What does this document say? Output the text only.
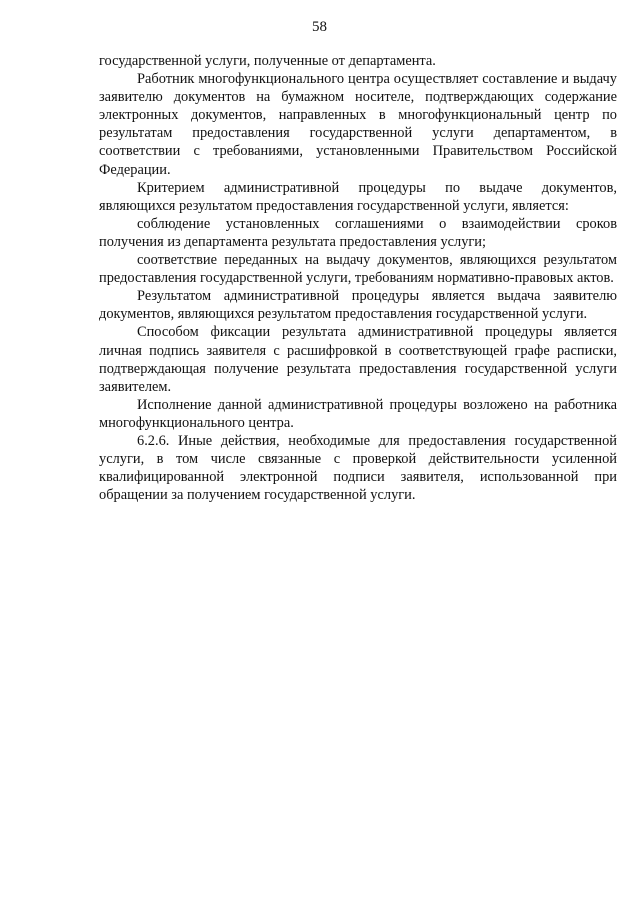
58

государственной услуги, полученные от департамента.

Работник многофункционального центра осуществляет составление и выдачу заявителю документов на бумажном носителе, подтверждающих содержание электронных документов, направленных в многофункциональный центр по результатам предоставления государственной услуги департаментом, в соответствии с требованиями, установленными Правительством Российской Федерации.

Критерием административной процедуры по выдаче документов, являющихся результатом предоставления государственной услуги, является:

соблюдение установленных соглашениями о взаимодействии сроков получения из департамента результата предоставления услуги;

соответствие переданных на выдачу документов, являющихся результатом предоставления государственной услуги, требованиям нормативно-правовых актов.

Результатом административной процедуры является выдача заявителю документов, являющихся результатом предоставления государственной услуги.

Способом фиксации результата административной процедуры является личная подпись заявителя с расшифровкой в соответствующей графе расписки, подтверждающая получение результата предоставления государственной услуги заявителем.

Исполнение данной административной процедуры возложено на работника многофункционального центра.

6.2.6. Иные действия, необходимые для предоставления государственной услуги, в том числе связанные с проверкой действительности усиленной квалифицированной электронной подписи заявителя, использованной при обращении за получением государственной услуги.
